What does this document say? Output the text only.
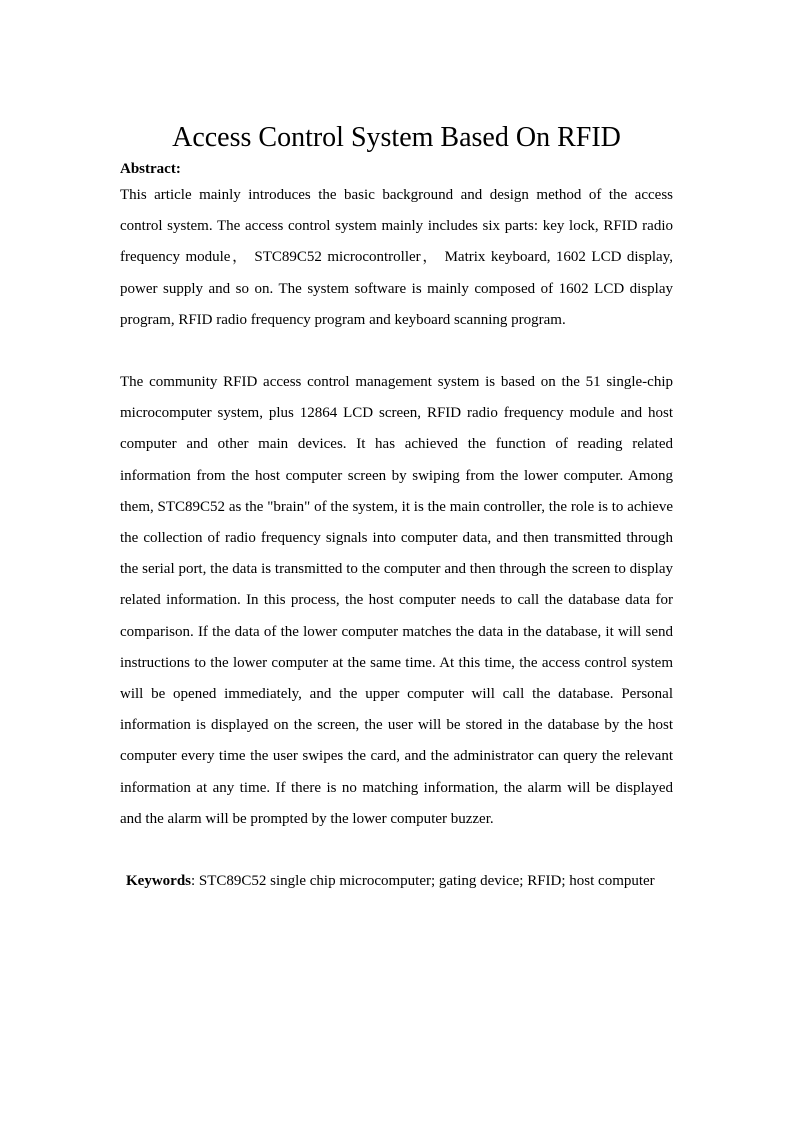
Access Control System Based On RFID

Abstract:

This article mainly introduces the basic background and design method of the access control system. The access control system mainly includes six parts: key lock, RFID radio frequency module， STC89C52 microcontroller， Matrix keyboard, 1602 LCD display, power supply and so on. The system software is mainly composed of 1602 LCD display program, RFID radio frequency program and keyboard scanning program.

The community RFID access control management system is based on the 51 single-chip microcomputer system, plus 12864 LCD screen, RFID radio frequency module and host computer and other main devices. It has achieved the function of reading related information from the host computer screen by swiping from the lower computer. Among them, STC89C52 as the "brain" of the system, it is the main controller, the role is to achieve the collection of radio frequency signals into computer data, and then transmitted through the serial port, the data is transmitted to the computer and then through the screen to display related information. In this process, the host computer needs to call the database data for comparison. If the data of the lower computer matches the data in the database, it will send instructions to the lower computer at the same time. At this time, the access control system will be opened immediately, and the upper computer will call the database. Personal information is displayed on the screen, the user will be stored in the database by the host computer every time the user swipes the card, and the administrator can query the relevant information at any time. If there is no matching information, the alarm will be displayed and the alarm will be prompted by the lower computer buzzer.

Keywords: STC89C52 single chip microcomputer; gating device; RFID; host computer
